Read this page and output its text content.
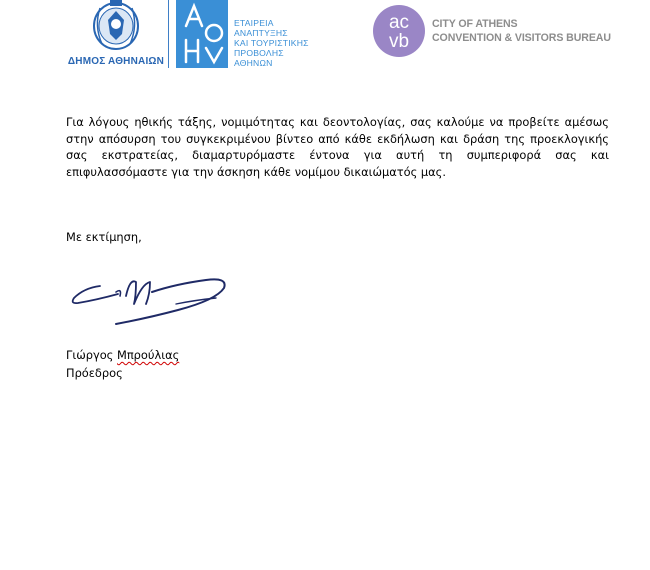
ΔΗΜΟΣ ΑΘΗΝΑΙΩΝ
ΕΤΑΙΡΕΙΑ
ΑΝΑΠΤΥΞΗΣ
ΚΑΙ ΤΟΥΡΙΣΤΙΚΗΣ
ΠΡΟΒΟΛΗΣ
ΑΘΗΝΩΝ
ac
vb
CITY OF ATHENS
CONVENTION & VISITORS BUREAU
Για λόγους ηθικής τάξης, νομιμότητας και δεοντολογίας, σας καλούμε να προβείτε αμέσως
στην απόσυρση του συγκεκριμένου βίντεο από κάθε εκδήλωση και δράση της προεκλογικής
σας εκστρατείας, διαμαρτυρόμαστε έντονα για αυτή τη συμπεριφορά σας και
επιφυλασσόμαστε για την άσκηση κάθε νομίμου δικαιώματός μας.
Με εκτίμηση,
Γιώργος Μπρούλιας
Πρόεδρος
